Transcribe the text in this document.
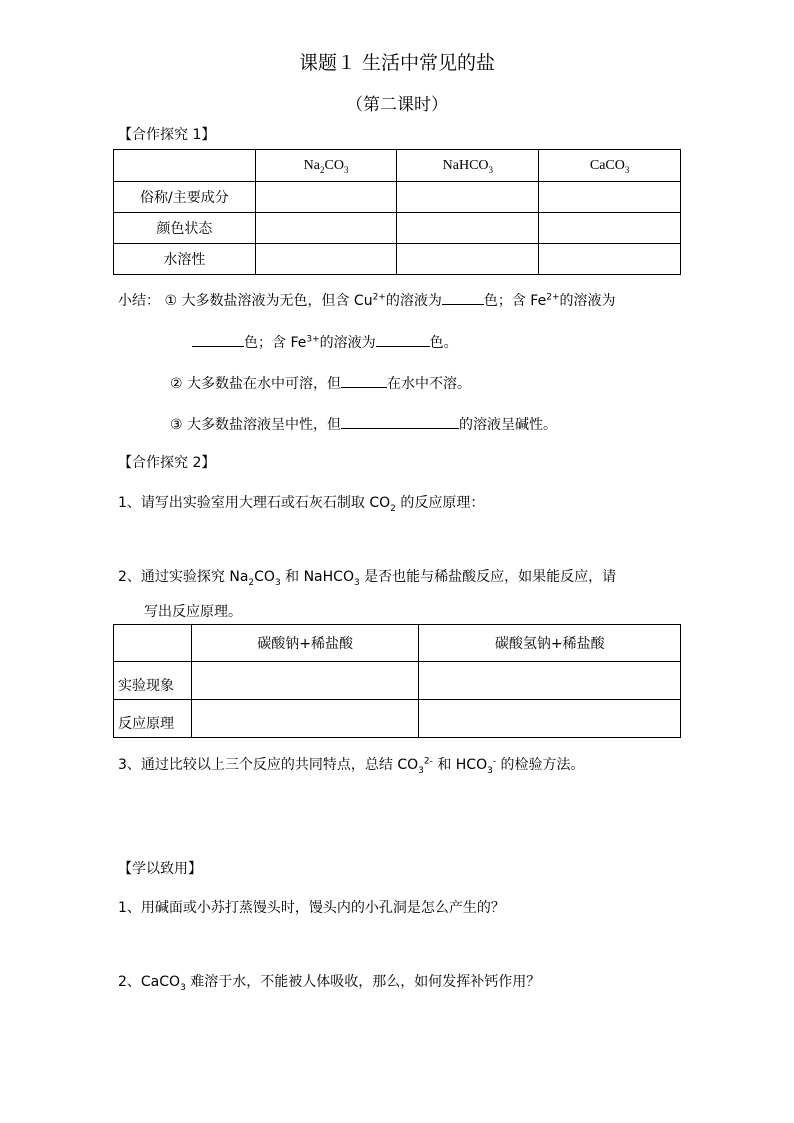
课题１ 生活中常见的盐
（第二课时）
【合作探究 1】
	$Na_2CO_3$	NaHCO$_3$	CaCO$_3$
俗称/主要成分			
颜色状态			
水溶性			
小结： ① 大多数盐溶液为无色，但含 $Cu^{2+}$的溶液为	色；含 $Fe^{2+}$的溶液为
色；含 $Fe^{3+}$的溶液为	色。
② 大多数盐在水中可溶，但	在水中不溶。
③ 大多数盐溶液呈中性，但	的溶液呈碱性。
【合作探究 2】
1、请写出实验室用大理石或石灰石制取 $CO_2$ 的反应原理：
2、通过实验探究 $Na_2CO_3$ 和 NaHCO$_3$ 是否也能与稀盐酸反应，如果能反应，请
写出反应原理。
	碳酸钠+稀盐酸	碳酸氢钠+稀盐酸
实验现象		
反应原理		
3、通过比较以上三个反应的共同特点，总结 $CO_3^{2-}$ 和 $HCO_3^-$ 的检验方法。
【学以致用】
1、用碱面或小苏打蒸馒头时，馒头内的小孔洞是怎么产生的？
2、CaCO$_3$ 难溶于水，不能被人体吸收，那么，如何发挥补钙作用？
